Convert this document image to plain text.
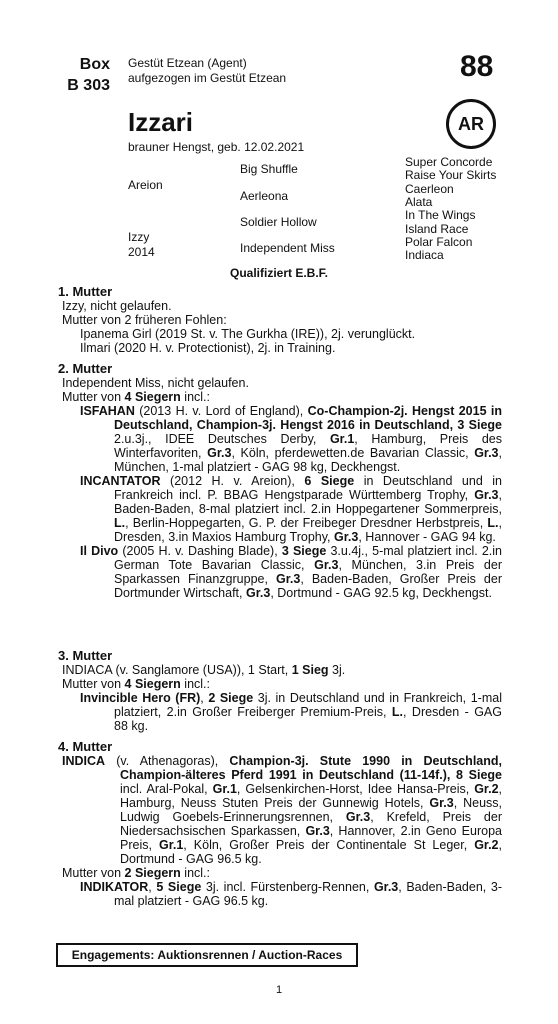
Box
B 303
Gestüt Etzean (Agent)
aufgezogen im Gestüt Etzean	88
AR
Izzari
brauner Hengst, geb. 12.02.2021
Areion
Izzy
2014
Big Shuffle
Aerleona
Soldier Hollow
Independent Miss
Super Concorde
Raise Your Skirts
Caerleon
Alata
In The Wings
Island Race
Polar Falcon
Indiaca
Qualifiziert E.B.F.
1. Mutter
Izzy, nicht gelaufen.
Mutter von 2 früheren Fohlen:
Ipanema Girl (2019 St. v. The Gurkha (IRE)), 2j. verunglückt.
Ilmari (2020 H. v. Protectionist), 2j. in Training.
2. Mutter
Independent Miss, nicht gelaufen.
Mutter von 4 Siegern incl.:
ISFAHAN (2013 H. v. Lord of England), Co-Champion-2j. Hengst 2015 in Deutschland, Champion-3j. Hengst 2016 in Deutschland, 3 Siege 2.u.3j., IDEE Deutsches Derby, Gr.1, Hamburg, Preis des Winterfavoriten, Gr.3, Köln, pferdewetten.de Bavarian Classic, Gr.3, München, 1-mal platziert - GAG 98 kg, Deckhengst.
INCANTATOR (2012 H. v. Areion), 6 Siege in Deutschland und in Frankreich incl. P. BBAG Hengstparade Württemberg Trophy, Gr.3, Baden-Baden, 8-mal platziert incl. 2.in Hoppegartener Sommerpreis, L., Berlin-Hoppegarten, G. P. der Freibeger Dresdner Herbstpreis, L., Dresden, 3.in Maxios Hamburg Trophy, Gr.3, Hannover - GAG 94 kg.
Il Divo (2005 H. v. Dashing Blade), 3 Siege 3.u.4j., 5-mal platziert incl. 2.in German Tote Bavarian Classic, Gr.3, München, 3.in Preis der Sparkassen Finanzgruppe, Gr.3, Baden-Baden, Großer Preis der Dortmunder Wirtschaft, Gr.3, Dortmund - GAG 92.5 kg, Deckhengst.
3. Mutter
INDIACA (v. Sanglamore (USA)), 1 Start, 1 Sieg 3j.
Mutter von 4 Siegern incl.:
Invincible Hero (FR), 2 Siege 3j. in Deutschland und in Frankreich, 1-mal platziert, 2.in Großer Freiberger Premium-Preis, L., Dresden - GAG 88 kg.
4. Mutter
INDICA (v. Athenagoras), Champion-3j. Stute 1990 in Deutschland, Champion-älteres Pferd 1991 in Deutschland (11-14f.), 8 Siege incl. Aral-Pokal, Gr.1, Gelsenkirchen-Horst, Idee Hansa-Preis, Gr.2, Hamburg, Neuss Stuten Preis der Gunnewig Hotels, Gr.3, Neuss, Ludwig Goebels-Erinnerungsrennen, Gr.3, Krefeld, Preis der Niedersachsischen Sparkassen, Gr.3, Hannover, 2.in Geno Europa Preis, Gr.1, Köln, Großer Preis der Continentale St Leger, Gr.2, Dortmund - GAG 96.5 kg.
Mutter von 2 Siegern incl.:
INDIKATOR, 5 Siege 3j. incl. Fürstenberg-Rennen, Gr.3, Baden-Baden, 3-mal platziert - GAG 96.5 kg.
Engagements: Auktionsrennen / Auction-Races
1
